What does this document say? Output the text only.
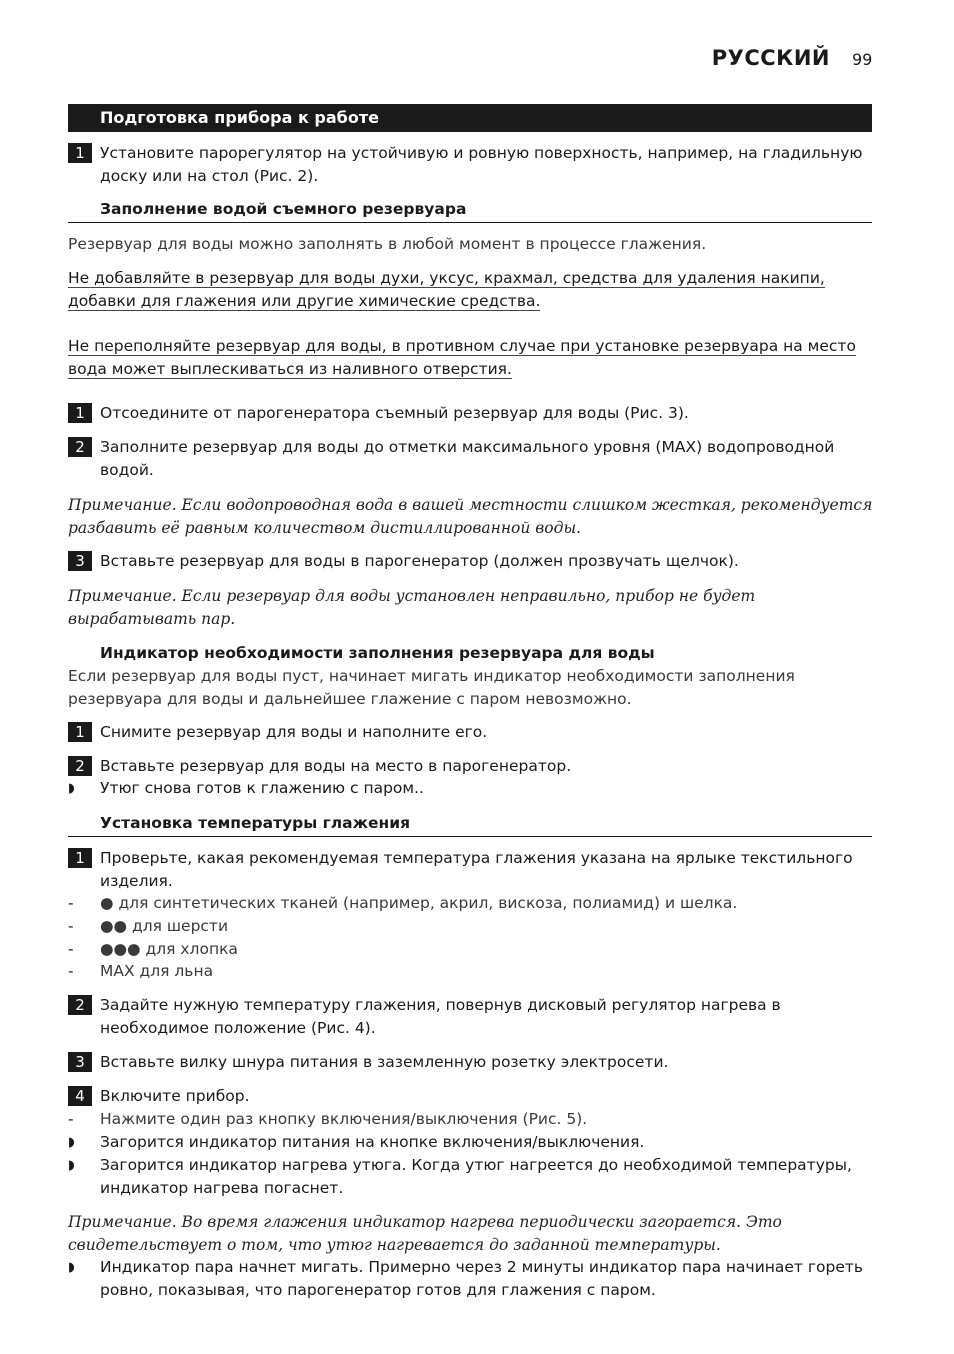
РУССКИЙ 99
Подготовка прибора к работе
1 Установите парорегулятор на устойчивую и ровную поверхность, например, на гладильную доску или на стол (Рис. 2).
Заполнение водой съемного резервуара

Резервуар для воды можно заполнять в любой момент в процессе глажения.

Не добавляйте в резервуар для воды духи, уксус, крахмал, средства для удаления накипи, добавки для глажения или другие химические средства.
Не переполняйте резервуар для воды, в противном случае при установке резервуара на место вода может выплескиваться из наливного отверстия.
1 Отсоедините от парогенератора съемный резервуар для воды (Рис. 3).
2 Заполните резервуар для воды до отметки максимального уровня (MAX) водопроводной водой.

Примечание. Если водопроводная вода в вашей местности слишком жесткая, рекомендуется разбавить её равным количеством дистиллированной воды.

3 Вставьте резервуар для воды в парогенератор (должен прозвучать щелчок).

Примечание. Если резервуар для воды установлен неправильно, прибор не будет вырабатывать пар.

Индикатор необходимости заполнения резервуара для воды

Если резервуар для воды пуст, начинает мигать индикатор необходимости заполнения резервуара для воды и дальнейшее глажение с паром невозможно.

1 Снимите резервуар для воды и наполните его.
2 Вставьте резервуар для воды на место в парогенератор.
◗	Утюг снова готов к глажению с паром..
Установка температуры глажения
1 Проверьте, какая рекомендуемая температура глажения указана на ярлыке текстильного изделия.
-	● для синтетических тканей (например, акрил, вискоза, полиамид) и шелка.
-	●● для шерсти
-	●●● для хлопка
-	MAX для льна
2 Задайте нужную температуру глажения, повернув дисковый регулятор нагрева в необходимое положение (Рис. 4).
3 Вставьте вилку шнура питания в заземленную розетку электросети.
4 Включите прибор.
-	Нажмите один раз кнопку включения/выключения (Рис. 5).
◗	Загорится индикатор питания на кнопке включения/выключения.
◗	Загорится индикатор нагрева утюга. Когда утюг нагреется до необходимой температуры, индикатор нагрева погаснет.

Примечание. Во время глажения индикатор нагрева периодически загорается. Это свидетельствует о том, что утюг нагревается до заданной температуры.

◗	Индикатор пара начнет мигать. Примерно через 2 минуты индикатор пара начинает гореть ровно, показывая, что парогенератор готов для глажения с паром.
